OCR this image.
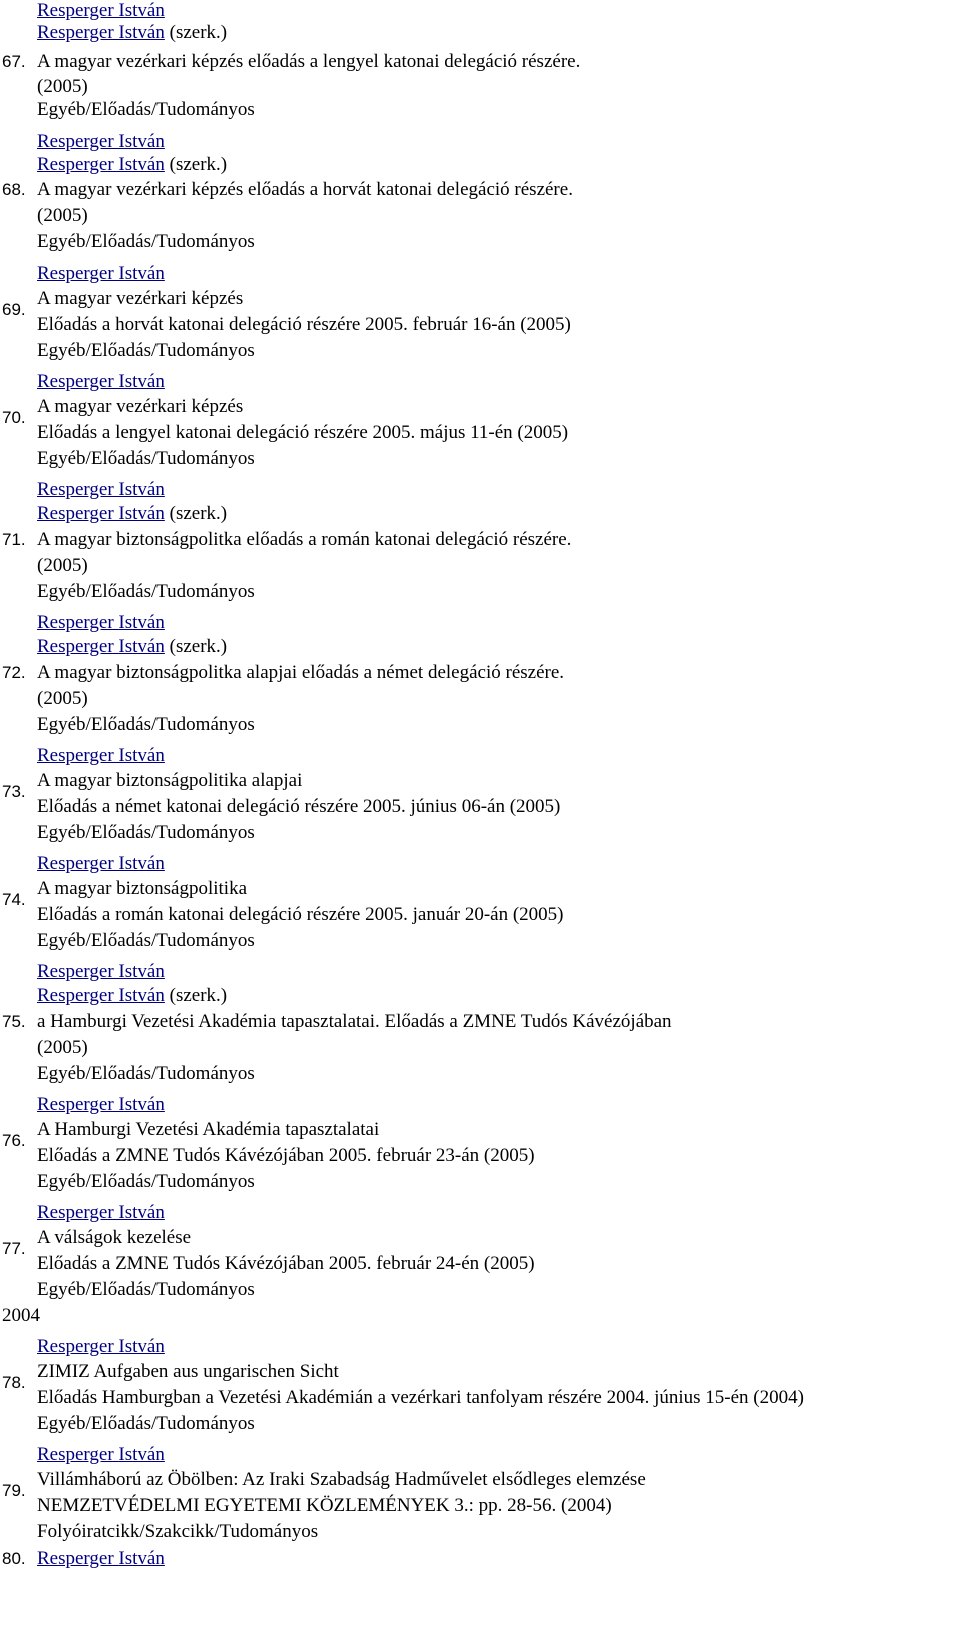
Resperger István
Resperger István (szerk.)
67. A magyar vezérkari képzés előadás a lengyel katonai delegáció részére.
(2005)
Egyéb/Előadás/Tudományos
Resperger István
Resperger István (szerk.)
68. A magyar vezérkari képzés előadás a horvát katonai delegáció részére.
(2005)
Egyéb/Előadás/Tudományos
Resperger István
A magyar vezérkari képzés
69.
Előadás a horvát katonai delegáció részére 2005. február 16-án (2005)
Egyéb/Előadás/Tudományos
Resperger István
A magyar vezérkari képzés
70.
Előadás a lengyel katonai delegáció részére 2005. május 11-én (2005)
Egyéb/Előadás/Tudományos
Resperger István
Resperger István (szerk.)
71. A magyar biztonságpolitka előadás a román katonai delegáció részére.
(2005)
Egyéb/Előadás/Tudományos
Resperger István
Resperger István (szerk.)
72. A magyar biztonságpolitka alapjai előadás a német delegáció részére.
(2005)
Egyéb/Előadás/Tudományos
Resperger István
A magyar biztonságpolitika alapjai
73.
Előadás a német katonai delegáció részére 2005. június 06-án (2005)
Egyéb/Előadás/Tudományos
Resperger István
A magyar biztonságpolitika
74.
Előadás a román katonai delegáció részére 2005. január 20-án (2005)
Egyéb/Előadás/Tudományos
Resperger István
Resperger István (szerk.)
75. a Hamburgi Vezetési Akadémia tapasztalatai. Előadás a ZMNE Tudós Kávézójában
(2005)
Egyéb/Előadás/Tudományos
Resperger István
A Hamburgi Vezetési Akadémia tapasztalatai
76.
Előadás a ZMNE Tudós Kávézójában 2005. február 23-án (2005)
Egyéb/Előadás/Tudományos
Resperger István
A válságok kezelése
77.
Előadás a ZMNE Tudós Kávézójában 2005. február 24-én (2005)
Egyéb/Előadás/Tudományos
2004
Resperger István
ZIMIZ Aufgaben aus ungarischen Sicht
78.
Előadás Hamburgban a Vezetési Akadémián a vezérkari tanfolyam részére 2004. június 15-én (2004)
Egyéb/Előadás/Tudományos
Resperger István
Villámháború az Öbölben: Az Iraki Szabadság Hadművelet elsődleges elemzése
79.
NEMZETVÉDELMI EGYETEMI KÖZLEMÉNYEK 3.: pp. 28-56. (2004)
Folyóiratcikk/Szakcikk/Tudományos
80. Resperger István
